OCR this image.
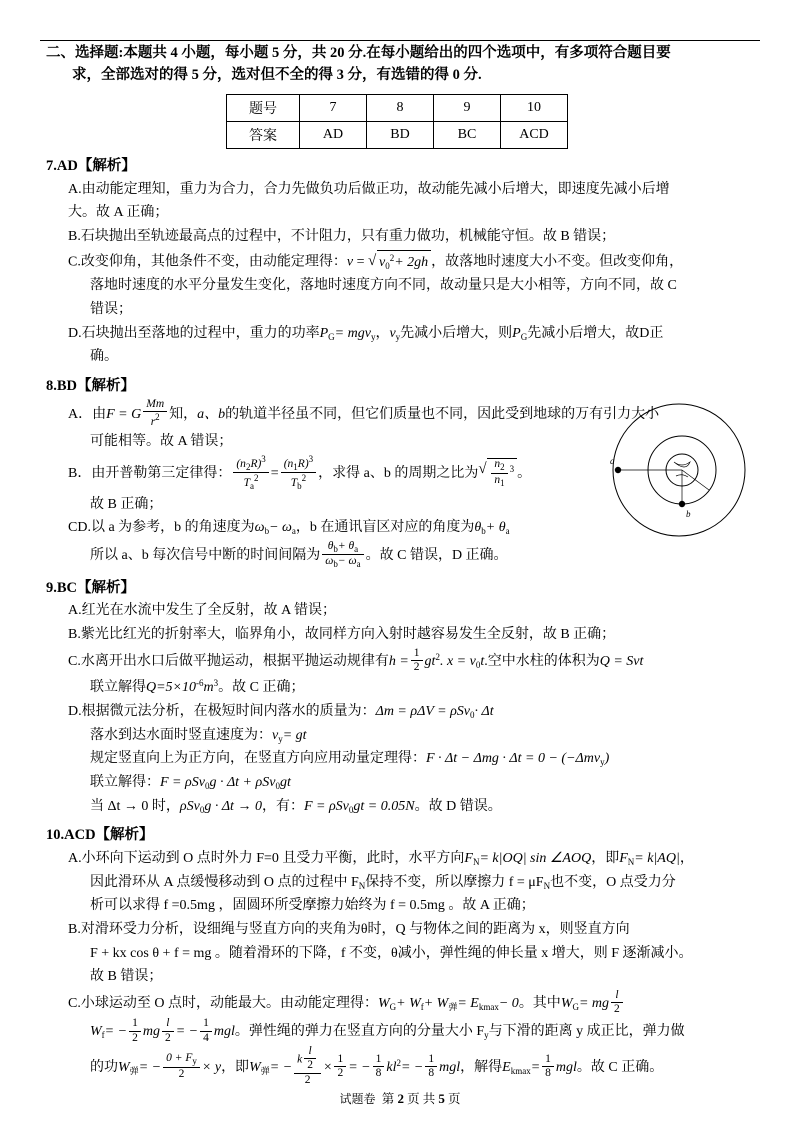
二、选择题:本题共 4 小题，每小题 5 分，共 20 分.在每小题给出的四个选项中，有多项符合题目要
求，全部选对的得 5 分，选对但不全的得 3 分，有选错的得 0 分.
题号	7	8	9	10
答案	AD	BD	BC	ACD
7.AD【解析】
A.由动能定理知，重力为合力，合力先做负功后做正功，故动能先减小后增大，即速度先减小后增
大。故 A 正确；
B.石块抛出至轨迹最高点的过程中，不计阻力，只有重力做功，机械能守恒。故 B 错误；
C.改变仰角，其他条件不变，由动能定理得：v = √ $v_0^2+ 2gh$ ，故落地时速度大小不变。但改变仰角，
落地时速度的水平分量发生变化，落地时速度方向不同，故动量只是大小相等，方向不同，故 C
错误；
D.石块抛出至落地的过程中，重力的功率$P_G= mgv_y$，$v_y$先减小后增大，则$P_G$先减小后增大，故D正
确。
8.BD【解析】
A．由F = G $\frac{Mm}{r^2}$ 知，a、b的轨道半径虽不同，但它们质量也不同，因此受到地球的万有引力大小
可能相等。故 A 错误；
B．由开普勒第三定律得： $\frac{(n_2R)^3}{T_a^2} = \frac{(n_1R)^3}{T_b^2}$ ，求得 a、b 的周期之比为 √ $\frac{n_2}{n_1} ^3$ 。
故 B 正确；
CD.以 a 为参考，b 的角速度为$\omega_b- \omega_a$，b 在通讯盲区对应的角度为$\theta_b+ \theta_a$
所以 a、b 每次信号中断的时间间隔为 $\frac{\theta_b+ \theta_a}{\omega_b- \omega_a}$ 。故 C 错误，D 正确。
a
b
9.BC【解析】
A.红光在水流中发生了全反射，故 A 错误；
B.紫光比红光的折射率大，临界角小，故同样方向入射时越容易发生全反射，故 B 正确；
C.水离开出水口后做平抛运动，根据平抛运动规律有$h = \frac{1}{2} gt^2$. $x = v_0t$.空中水柱的体积为Q = Svt
联立解得$Q=5\times 10^{-6}m^3$。故 C 正确；
D.根据微元法分析，在极短时间内落水的质量为：Δm = ρΔV = ρSv$_0$· Δt
落水到达水面时竖直速度为：$v_y=$ gt
规定竖直向上为正方向，在竖直方向应用动量定理得：F · Δt − Δmg · Δt = 0 − (−Δmv$_y$)
联立解得：F = ρSv$_0$g · Δt + ρSv$_0$gt
当 Δt → 0 时，ρSv$_0$g · Δt → 0，有：F = ρSv$_0$gt = 0.05N。故 D 错误。
10.ACD【解析】
A.小环向下运动到 O 点时外力 F=0 且受力平衡，此时，水平方向$F_N= k|OQ|$ sin ∠AOQ，即$F_N= k|AQ|$，
因此滑环从 A 点缓慢移动到 O 点的过程中 $F_N$保持不变，所以摩擦力 $f = \mu F_N$也不变，O 点受力分
析可以求得 f =0.5mg ，固圆环所受摩擦力始终为 f = 0.5mg 。故 A 正确；
B.对滑环受力分析，设细绳与竖直方向的夹角为θ时，Q 与物体之间的距离为 x，则竖直方向
F + kx cos θ + f = mg 。随着滑环的下降，f 不变，θ减小，弹性绳的伸长量 x 增大，则 F 逐渐减小。
故 B 错误；
C.小球运动至 O 点时，动能最大。由动能定理得：$W_G+ W_f+ W_弹= E_{kmax}- 0$。其中$W_G=$ mg $\frac{l}{2}$
$W_f= - \frac{1}{2}$ mg $\frac{l}{2}$ = − $\frac{1}{4}$ mgl。弹性绳的弹力在竖直方向的分量大小 $F_y$与下滑的距离 y 成正比，弹力做
的功$W_弹= - \frac{0 + F_y}{2} \times y$，即$W_弹= - \frac{k \frac{l}{2}}{2} \times \frac{1}{2}$ = − $\frac{1}{8} kl^2= - \frac{1}{8}$ mgl，解得$E_{kmax}= \frac{1}{8}$ mgl。故 C 正确。
试题卷 第 2 页 共 5 页
